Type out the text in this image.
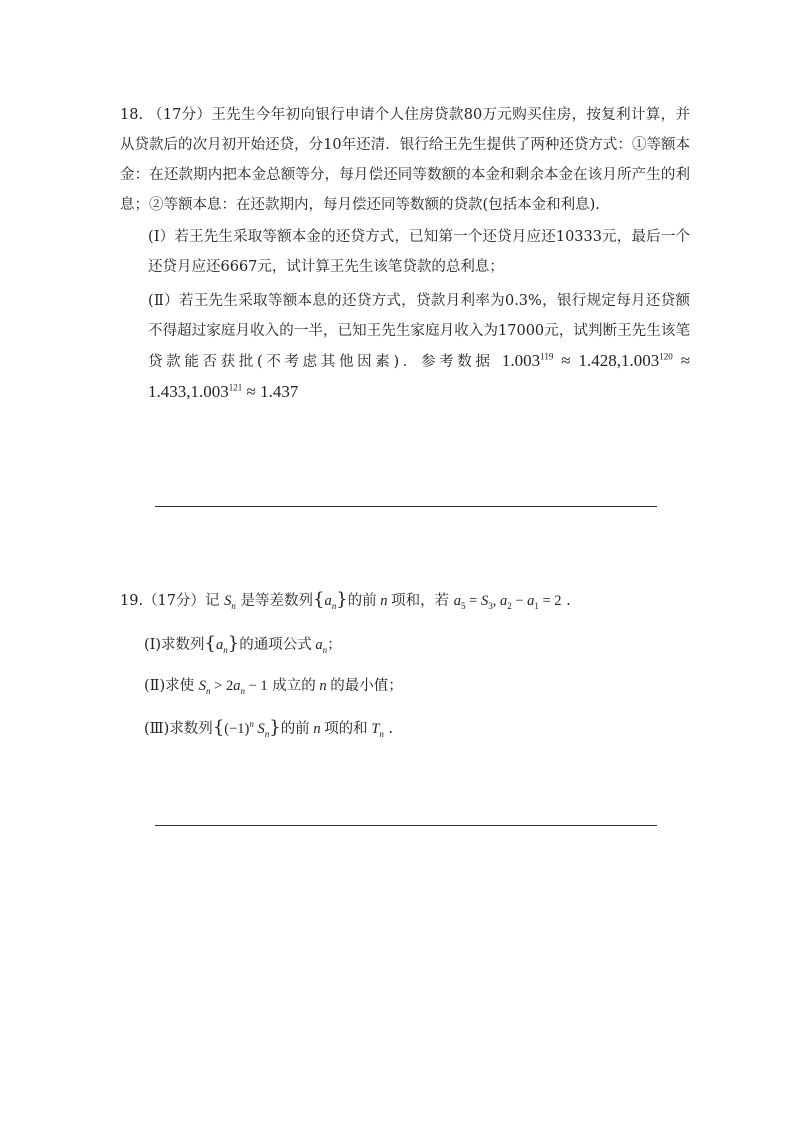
18. （17分）王先生今年初向银行申请个人住房贷款80万元购买住房，按复利计算，并从贷款后的次月初开始还贷，分10年还清．银行给王先生提供了两种还贷方式：①等额本金：在还款期内把本金总额等分，每月偿还同等数额的本金和剩余本金在该月所产生的利息；②等额本息：在还款期内，每月偿还同等数额的贷款(包括本金和利息).

(Ⅰ）若王先生采取等额本金的还贷方式，已知第一个还贷月应还10333元，最后一个还贷月应还6667元，试计算王先生该笔贷款的总利息；

(Ⅱ）若王先生采取等额本息的还贷方式，贷款月利率为0.3%，银行规定每月还贷额不得超过家庭月收入的一半，已知王先生家庭月收入为17000元，试判断王先生该笔贷款能否获批(不考虑其他因素)．参考数据 $1.003^{119} \approx 1.428,1.003^{120} \approx 1.433,1.003^{121} \approx 1.437$

19.（17分）记 $S_n$ 是等差数列$\{a_n\}$的前 n 项和，若 $a_5 = S_3$, $a_2 - a_1 = 2$ .

(Ⅰ)求数列$\{a_n\}$的通项公式 $a_n$；

(Ⅱ)求使 $S_n > 2a_n - 1$ 成立的 n 的最小值；

(Ⅲ)求数列{$(-1)^n$ $S_n$}的前 n 项的和 $T_n$ .
